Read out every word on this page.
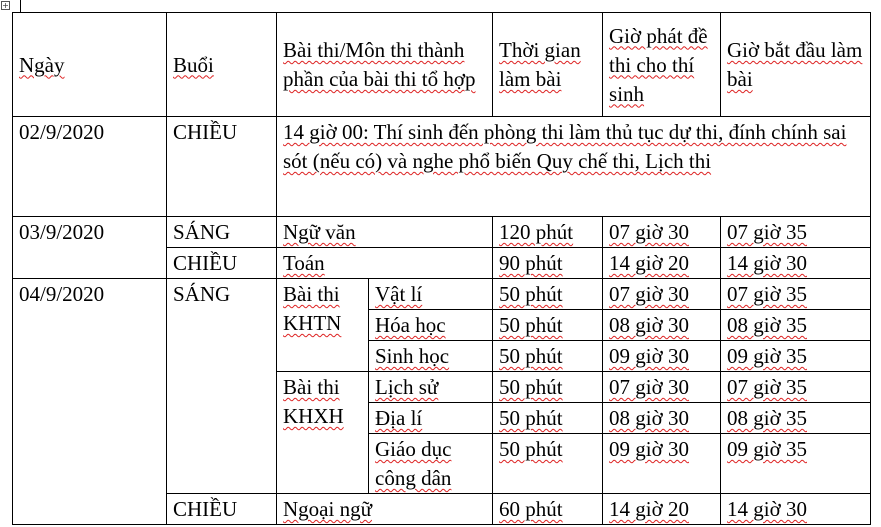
+
Ngày	Buổi	Bài thi/Môn thi thành phần của bài thi tổ hợp		Thời gian làm bài	Giờ phát đề thi cho thí sinh	Giờ bắt đầu làm bài
02/9/2020	CHIỀU	14 giờ 00: Thí sinh đến phòng thi làm thủ tục dự thi, đính chính sai sót (nếu có) và nghe phổ biến Quy chế thi, Lịch thi				
03/9/2020	SÁNG	Ngữ văn		120 phút	07 giờ 30	07 giờ 35
	CHIỀU	Toán		90 phút	14 giờ 20	14 giờ 30
04/9/2020	SÁNG	Bài thi KHTN	Vật lí	50 phút	07 giờ 30	07 giờ 35
			Hóa học	50 phút	08 giờ 30	08 giờ 35
			Sinh học	50 phút	09 giờ 30	09 giờ 35
		Bài thi KHXH	Lịch sử	50 phút	07 giờ 30	07 giờ 35
			Địa lí	50 phút	08 giờ 30	08 giờ 35
			Giáo dục công dân	50 phút	09 giờ 30	09 giờ 35
	CHIỀU	Ngoại ngữ		60 phút	14 giờ 20	14 giờ 30
